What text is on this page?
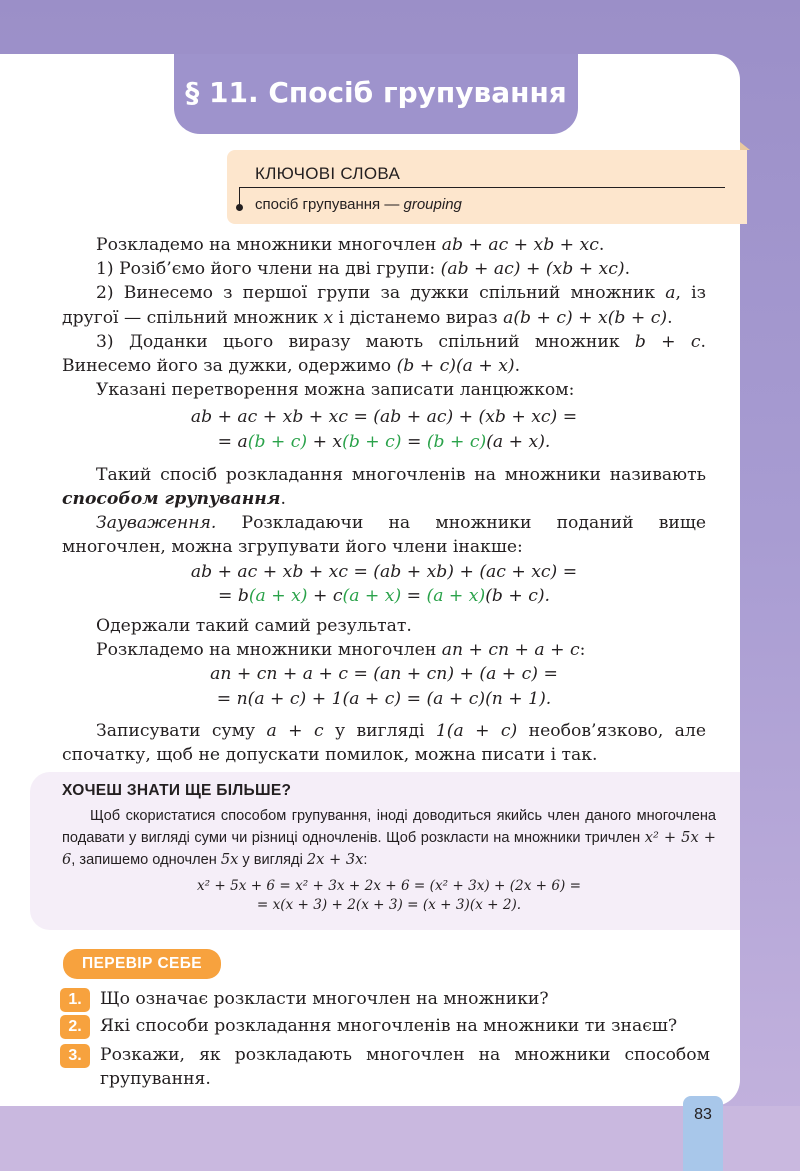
§ 11. Спосіб групування
КЛЮЧОВІ СЛОВА
спосіб групування — grouping

Розкладемо на множники многочлен ab + ac + xb + xc.

1) Розіб’ємо його члени на дві групи: (ab + ac) + (xb + xc).

2) Винесемо з першої групи за дужки спільний множник a, із другої — спільний множник x і дістанемо вираз a(b + c) + x(b + c).

3) Доданки цього виразу мають спільний множник b + c. Винесемо його за дужки, одержимо (b + c)(a + x).

Указані перетворення можна записати ланцюжком:

ab + ac + xb + xc = (ab + ac) + (xb + xc) =

= a(b + c) + x(b + c) = (b + c)(a + x).

Такий спосіб розкладання многочленів на множники називають способом групування.

Зауваження. Розкладаючи на множники поданий вище многочлен, можна згрупувати його члени інакше:

ab + ac + xb + xc = (ab + xb) + (ac + xc) =

= b(a + x) + c(a + x) = (a + x)(b + c).

Одержали такий самий результат.

Розкладемо на множники многочлен an + cn + a + c:

an + cn + a + c = (an + cn) + (a + c) =

= n(a + c) + 1(a + c) = (a + c)(n + 1).

Записувати суму a + c у вигляді 1(a + c) необов’язково, але спочатку, щоб не допускати помилок, можна писати і так.

ХОЧЕШ ЗНАТИ ЩЕ БІЛЬШЕ?

Щоб скористатися способом групування, іноді доводиться якийсь член даного многочлена подавати у вигляді суми чи різниці одночленів. Щоб розкласти на множники тричлен x² + 5x + 6, запишемо одночлен 5x у вигляді 2x + 3x:

x² + 5x + 6 = x² + 3x + 2x + 6 = (x² + 3x) + (2x + 6) =

= x(x + 3) + 2(x + 3) = (x + 3)(x + 2).

ПЕРЕВІР СЕБЕ
1.	Що означає розкласти многочлен на множники?
2.	Які способи розкладання многочленів на множники ти знаєш?
3.	Розкажи, як розкладають многочлен на множники способом групування.
83
